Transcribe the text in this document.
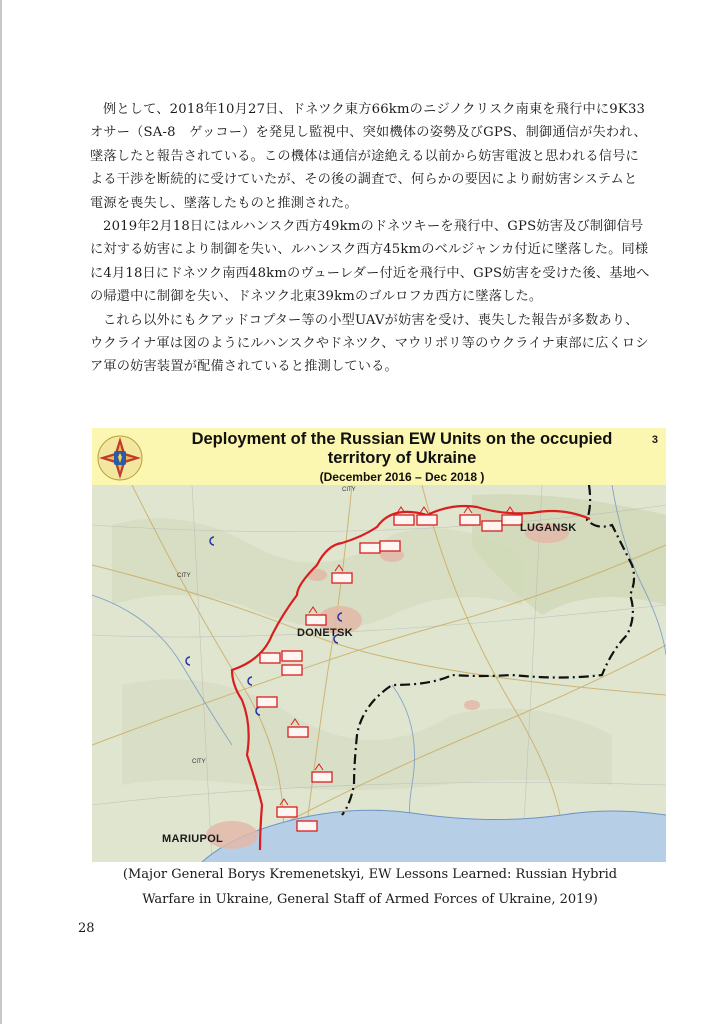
例として、2018年10月27日、ドネツク東方66kmのニジノクリスク南東を飛行中に9K33オサー（SA-8　ゲッコー）を発見し監視中、突如機体の姿勢及びGPS、制御通信が失われ、墜落したと報告されている。この機体は通信が途絶える以前から妨害電波と思われる信号による干渉を断続的に受けていたが、その後の調査で、何らかの要因により耐妨害システムと電源を喪失し、墜落したものと推測された。

2019年2月18日にはルハンスク西方49kmのドネツキーを飛行中、GPS妨害及び制御信号に対する妨害により制御を失い、ルハンスク西方45kmのベルジャンカ付近に墜落した。同様に4月18日にドネツク南西48kmのヴューレダー付近を飛行中、GPS妨害を受けた後、基地への帰還中に制御を失い、ドネツク北東39kmのゴルロフカ西方に墜落した。

これら以外にもクアッドコプター等の小型UAVが妨害を受け、喪失した報告が多数あり、ウクライナ軍は図のようにルハンスクやドネツク、マウリポリ等のウクライナ東部に広くロシア軍の妨害装置が配備されていると推測している。

Deployment of the Russian EW Units on the occupied
territory of Ukraine
(December 2016 – Dec 2018 )
3
LUGANSK
DONETSK
MARIUPOL
CITY
CITY
CITY
(Major General Borys Kremenetskyi, EW Lessons Learned: Russian Hybrid
Warfare in Ukraine, General Staff of Armed Forces of Ukraine, 2019)
28
